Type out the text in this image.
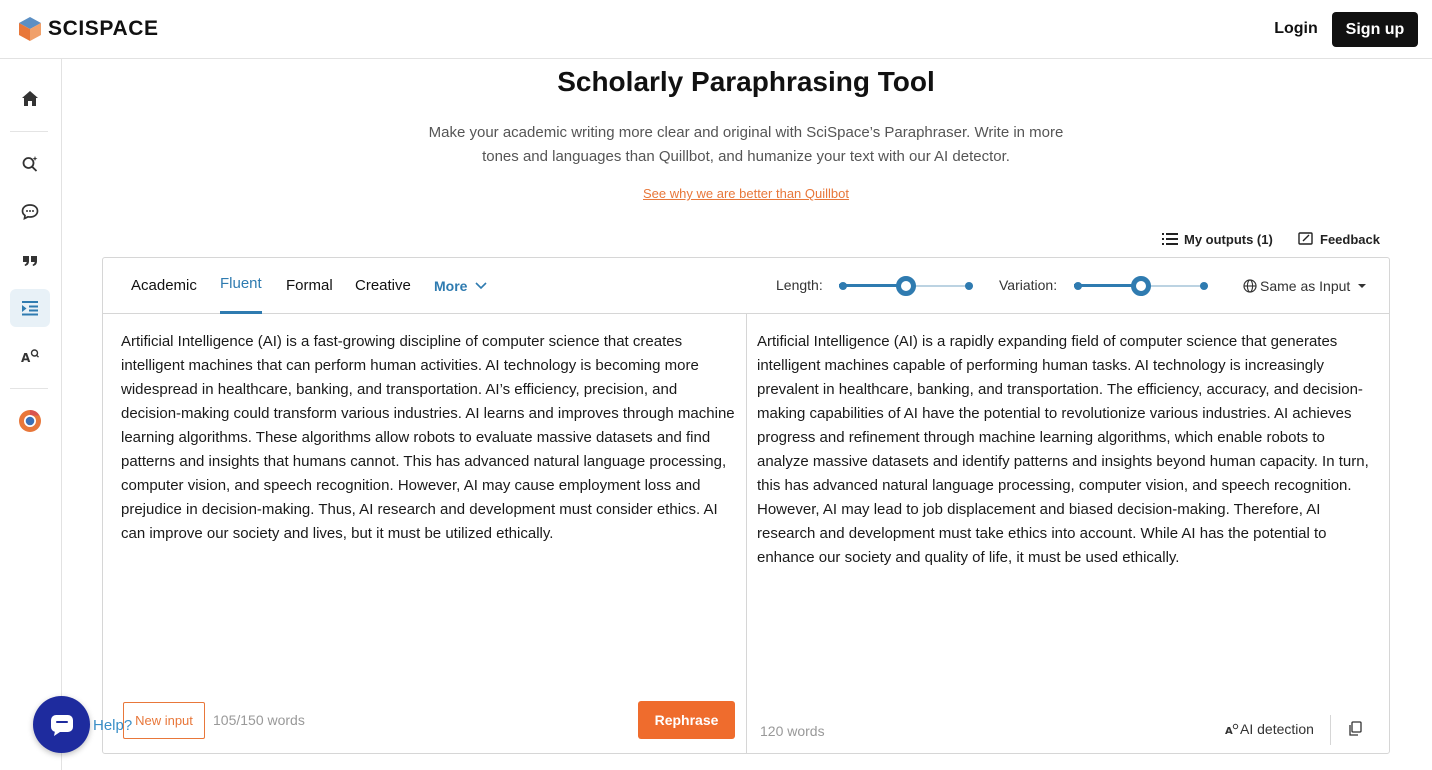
SCISPACE	Login	Sign up
A
Scholarly Paraphrasing Tool
Make your academic writing more clear and original with SciSpace’s Paraphraser. Write in more tones and languages than Quillbot, and humanize your text with our AI detector.
See why we are better than Quillbot
My outputs (1)	Feedback
Academic Fluent Formal Creative More	Length:	Variation:	Same as Input
Artificial Intelligence (AI) is a fast-growing discipline of computer science that creates intelligent machines that can perform human activities. AI technology is becoming more widespread in healthcare, banking, and transportation. AI’s efficiency, precision, and decision-making could transform various industries. AI learns and improves through machine learning algorithms. These algorithms allow robots to evaluate massive datasets and find patterns and insights that humans cannot. This has advanced natural language processing, computer vision, and speech recognition. However, AI may cause employment loss and prejudice in decision-making. Thus, AI research and development must consider ethics. AI can improve our society and lives, but it must be utilized ethically.
Artificial Intelligence (AI) is a rapidly expanding field of computer science that generates intelligent machines capable of performing human tasks. AI technology is increasingly prevalent in healthcare, banking, and transportation. The efficiency, accuracy, and decision-making capabilities of AI have the potential to revolutionize various industries. AI achieves progress and refinement through machine learning algorithms, which enable robots to analyze massive datasets and identify patterns and insights beyond human capacity. In turn, this has advanced natural language processing, computer vision, and speech recognition. However, AI may lead to job displacement and biased decision-making. Therefore, AI research and development must take ethics into account. While AI has the potential to enhance our society and quality of life, it must be used ethically.
New input	105/150 words	Rephrase
120 words	A AI detection
Help?
